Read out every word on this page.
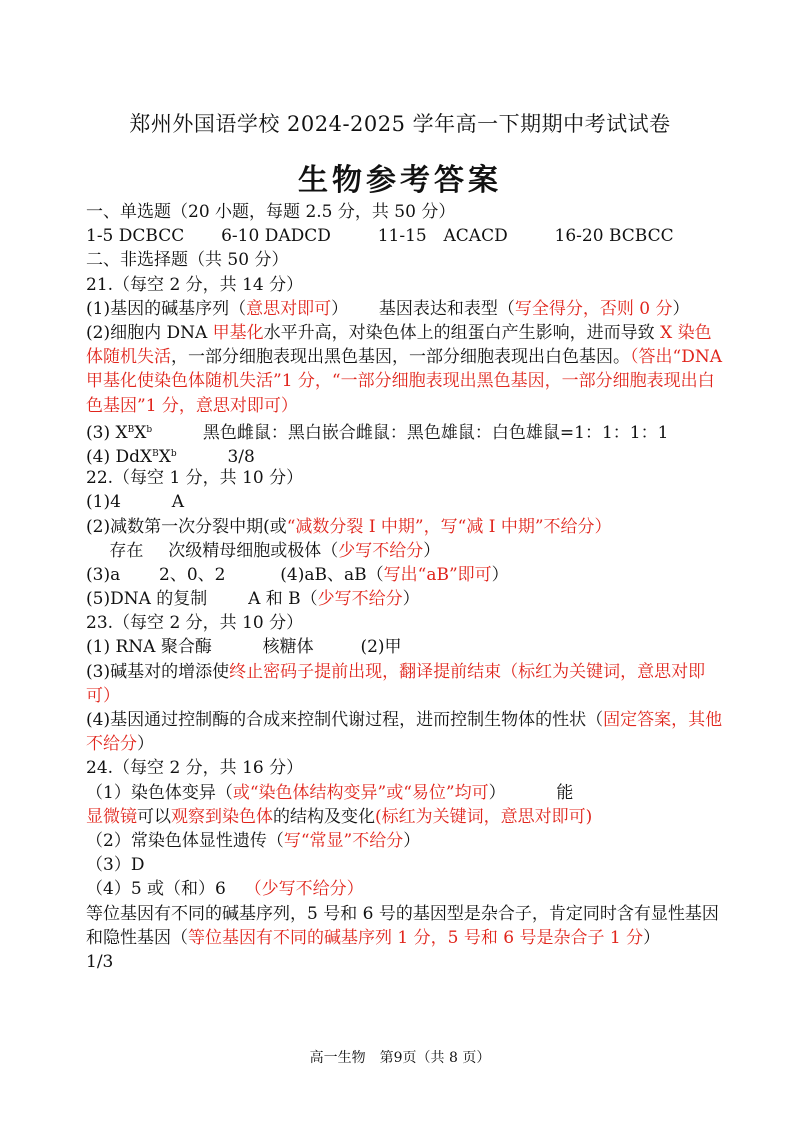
郑州外国语学校 2024-2025 学年高一下期期中考试试卷
生物参考答案
一、单选题（20 小题，每题 2.5 分，共 50 分）
1-5 DCBCC 6-10 DADCD	11-15 ACACD	16-20 BCBCC
二、非选择题（共 50 分）
21.（每空 2 分，共 14 分）
(1)基因的碱基序列（意思对即可） 基因表达和表型（写全得分，否则 0 分）
(2)细胞内 DNA 甲基化水平升高，对染色体上的组蛋白产生影响，进而导致 X 染色体随机失活，一部分细胞表现出黑色基因，一部分细胞表现出白色基因。（答出“DNA 甲基化使染色体随机失活”1 分，“一部分细胞表现出黑色基因，一部分细胞表现出白色基因”1 分，意思对即可）
(3) $X^BX^b$	黑色雌鼠：黑白嵌合雌鼠：黑色雄鼠：白色雄鼠=1：1：1：1
(4) $DdX^BX^b$	3/8
22.（每空 1 分，共 10 分）
(1)4	A
(2)减数第一次分裂中期(或“减数分裂 I 中期”，写“减 I 中期”不给分）
存在 次级精母细胞或极体（少写不给分）
(3)a 2、0、2	(4)aB、aB（写出“aB”即可）
(5)DNA 的复制 A 和 B（少写不给分）
23.（每空 2 分，共 10 分）
(1) RNA 聚合酶	核糖体	(2)甲
(3)碱基对的增添使终止密码子提前出现，翻译提前结束（标红为关键词，意思对即可）
(4)基因通过控制酶的合成来控制代谢过程，进而控制生物体的性状（固定答案，其他不给分）
24.（每空 2 分，共 16 分）
（1）染色体变异（或“染色体结构变异”或“易位”均可）	能
显微镜可以观察到染色体的结构及变化(标红为关键词，意思对即可)
（2）常染色体显性遗传（写“常显”不给分）
（3）D
（4）5 或（和）6 （少写不给分）
等位基因有不同的碱基序列，5 号和 6 号的基因型是杂合子，肯定同时含有显性基因和隐性基因（等位基因有不同的碱基序列 1 分，5 号和 6 号是杂合子 1 分）  1/3
高一生物　第9页（共 8 页）
